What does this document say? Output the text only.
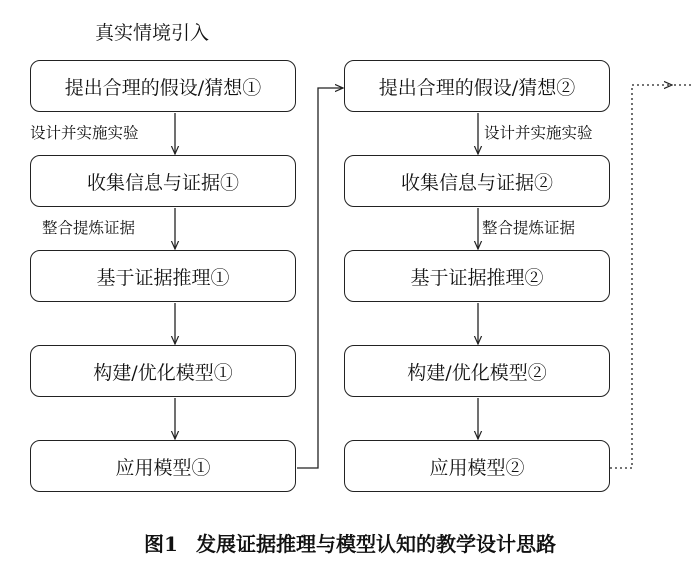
真实情境引入
提出合理的假设/猜想①
收集信息与证据①
基于证据推理①
构建/优化模型①
应用模型①
设计并实施实验
整合提炼证据
提出合理的假设/猜想②
收集信息与证据②
基于证据推理②
构建/优化模型②
应用模型②
设计并实施实验
整合提炼证据
图1 发展证据推理与模型认知的教学设计思路
